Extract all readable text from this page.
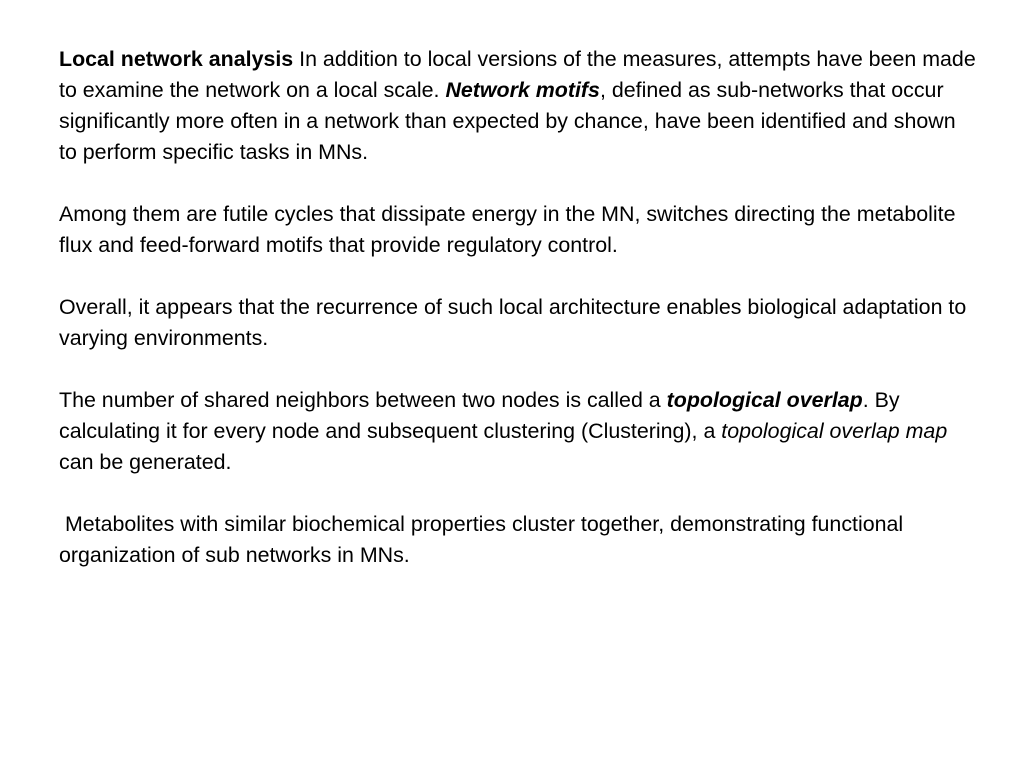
Local network analysis In addition to local versions of the measures, attempts have been made to examine the network on a local scale. Network motifs, defined as sub-networks that occur significantly more often in a network than expected by chance, have been identified and shown to perform specific tasks in MNs.

Among them are futile cycles that dissipate energy in the MN, switches directing the metabolite flux and feed-forward motifs that provide regulatory control.

Overall, it appears that the recurrence of such local architecture enables biological adaptation to varying environments.

The number of shared neighbors between two nodes is called a topological overlap. By calculating it for every node and subsequent clustering (Clustering), a topological overlap map can be generated.

Metabolites with similar biochemical properties cluster together, demonstrating functional organization of sub networks in MNs.
